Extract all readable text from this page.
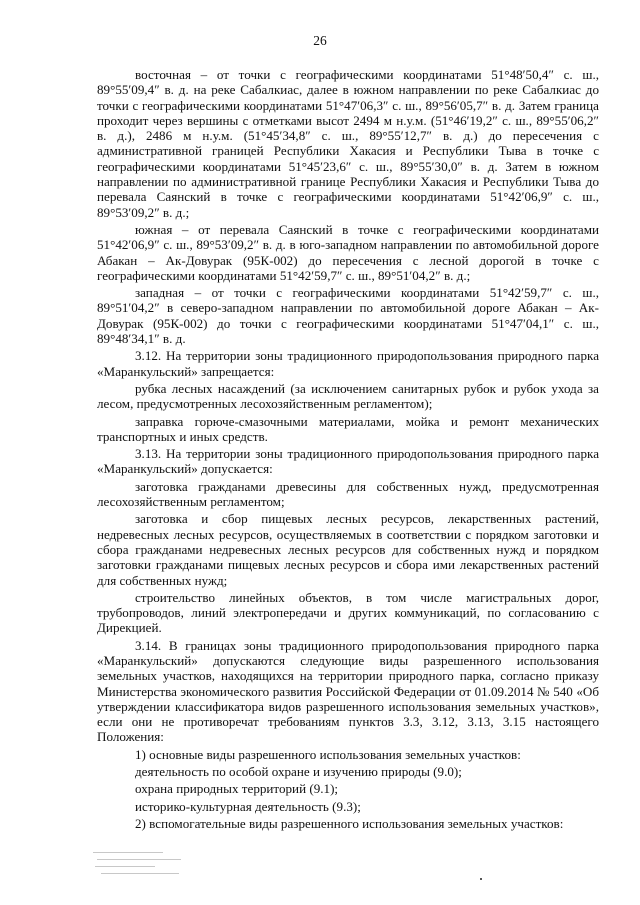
26

восточная – от точки с географическими координатами 51°48′50,4″ с. ш., 89°55′09,4″ в. д. на реке Сабалкиас, далее в южном направлении по реке Сабалкиас до точки с географическими координатами 51°47′06,3″ с. ш., 89°56′05,7″ в. д. Затем граница проходит через вершины с отметками высот 2494 м н.у.м. (51°46′19,2″ с. ш., 89°55′06,2″ в. д.), 2486 м н.у.м. (51°45′34,8″ с. ш., 89°55′12,7″ в. д.) до пересечения с административной границей Республики Хакасия и Республики Тыва в точке с географическими координатами 51°45′23,6″ с. ш., 89°55′30,0″ в. д. Затем в южном направлении по административной границе Республики Хакасия и Республики Тыва до перевала Саянский в точке с географическими координатами 51°42′06,9″ с. ш., 89°53′09,2″ в. д.;

южная – от перевала Саянский в точке с географическими координатами 51°42′06,9″ с. ш., 89°53′09,2″ в. д. в юго-западном направлении по автомобильной дороге Абакан – Ак-Довурак (95К-002) до пересечения с лесной дорогой в точке с географическими координатами 51°42′59,7″ с. ш., 89°51′04,2″ в. д.;

западная – от точки с географическими координатами 51°42′59,7″ с. ш., 89°51′04,2″ в северо-западном направлении по автомобильной дороге Абакан – Ак-Довурак (95К-002) до точки с географическими координатами 51°47′04,1″ с. ш., 89°48′34,1″ в. д.

3.12. На территории зоны традиционного природопользования природного парка «Маранкульский» запрещается:

рубка лесных насаждений (за исключением санитарных рубок и рубок ухода за лесом, предусмотренных лесохозяйственным регламентом);

заправка горюче-смазочными материалами, мойка и ремонт механических транспортных и иных средств.

3.13. На территории зоны традиционного природопользования природного парка «Маранкульский» допускается:

заготовка гражданами древесины для собственных нужд, предусмотренная лесохозяйственным регламентом;

заготовка и сбор пищевых лесных ресурсов, лекарственных растений, недревесных лесных ресурсов, осуществляемых в соответствии с порядком заготовки и сбора гражданами недревесных лесных ресурсов для собственных нужд и порядком заготовки гражданами пищевых лесных ресурсов и сбора ими лекарственных растений для собственных нужд;

строительство линейных объектов, в том числе магистральных дорог, трубопроводов, линий электропередачи и других коммуникаций, по согласованию с Дирекцией.

3.14. В границах зоны традиционного природопользования природного парка «Маранкульский» допускаются следующие виды разрешенного использования земельных участков, находящихся на территории природного парка, согласно приказу Министерства экономического развития Российской Федерации от 01.09.2014 № 540 «Об утверждении классификатора видов разрешенного использования земельных участков», если они не противоречат требованиям пунктов 3.3, 3.12, 3.13, 3.15 настоящего Положения:

1) основные виды разрешенного использования земельных участков:

деятельность по особой охране и изучению природы (9.0);

охрана природных территорий (9.1);

историко-культурная деятельность (9.3);

2) вспомогательные виды разрешенного использования земельных участков:
